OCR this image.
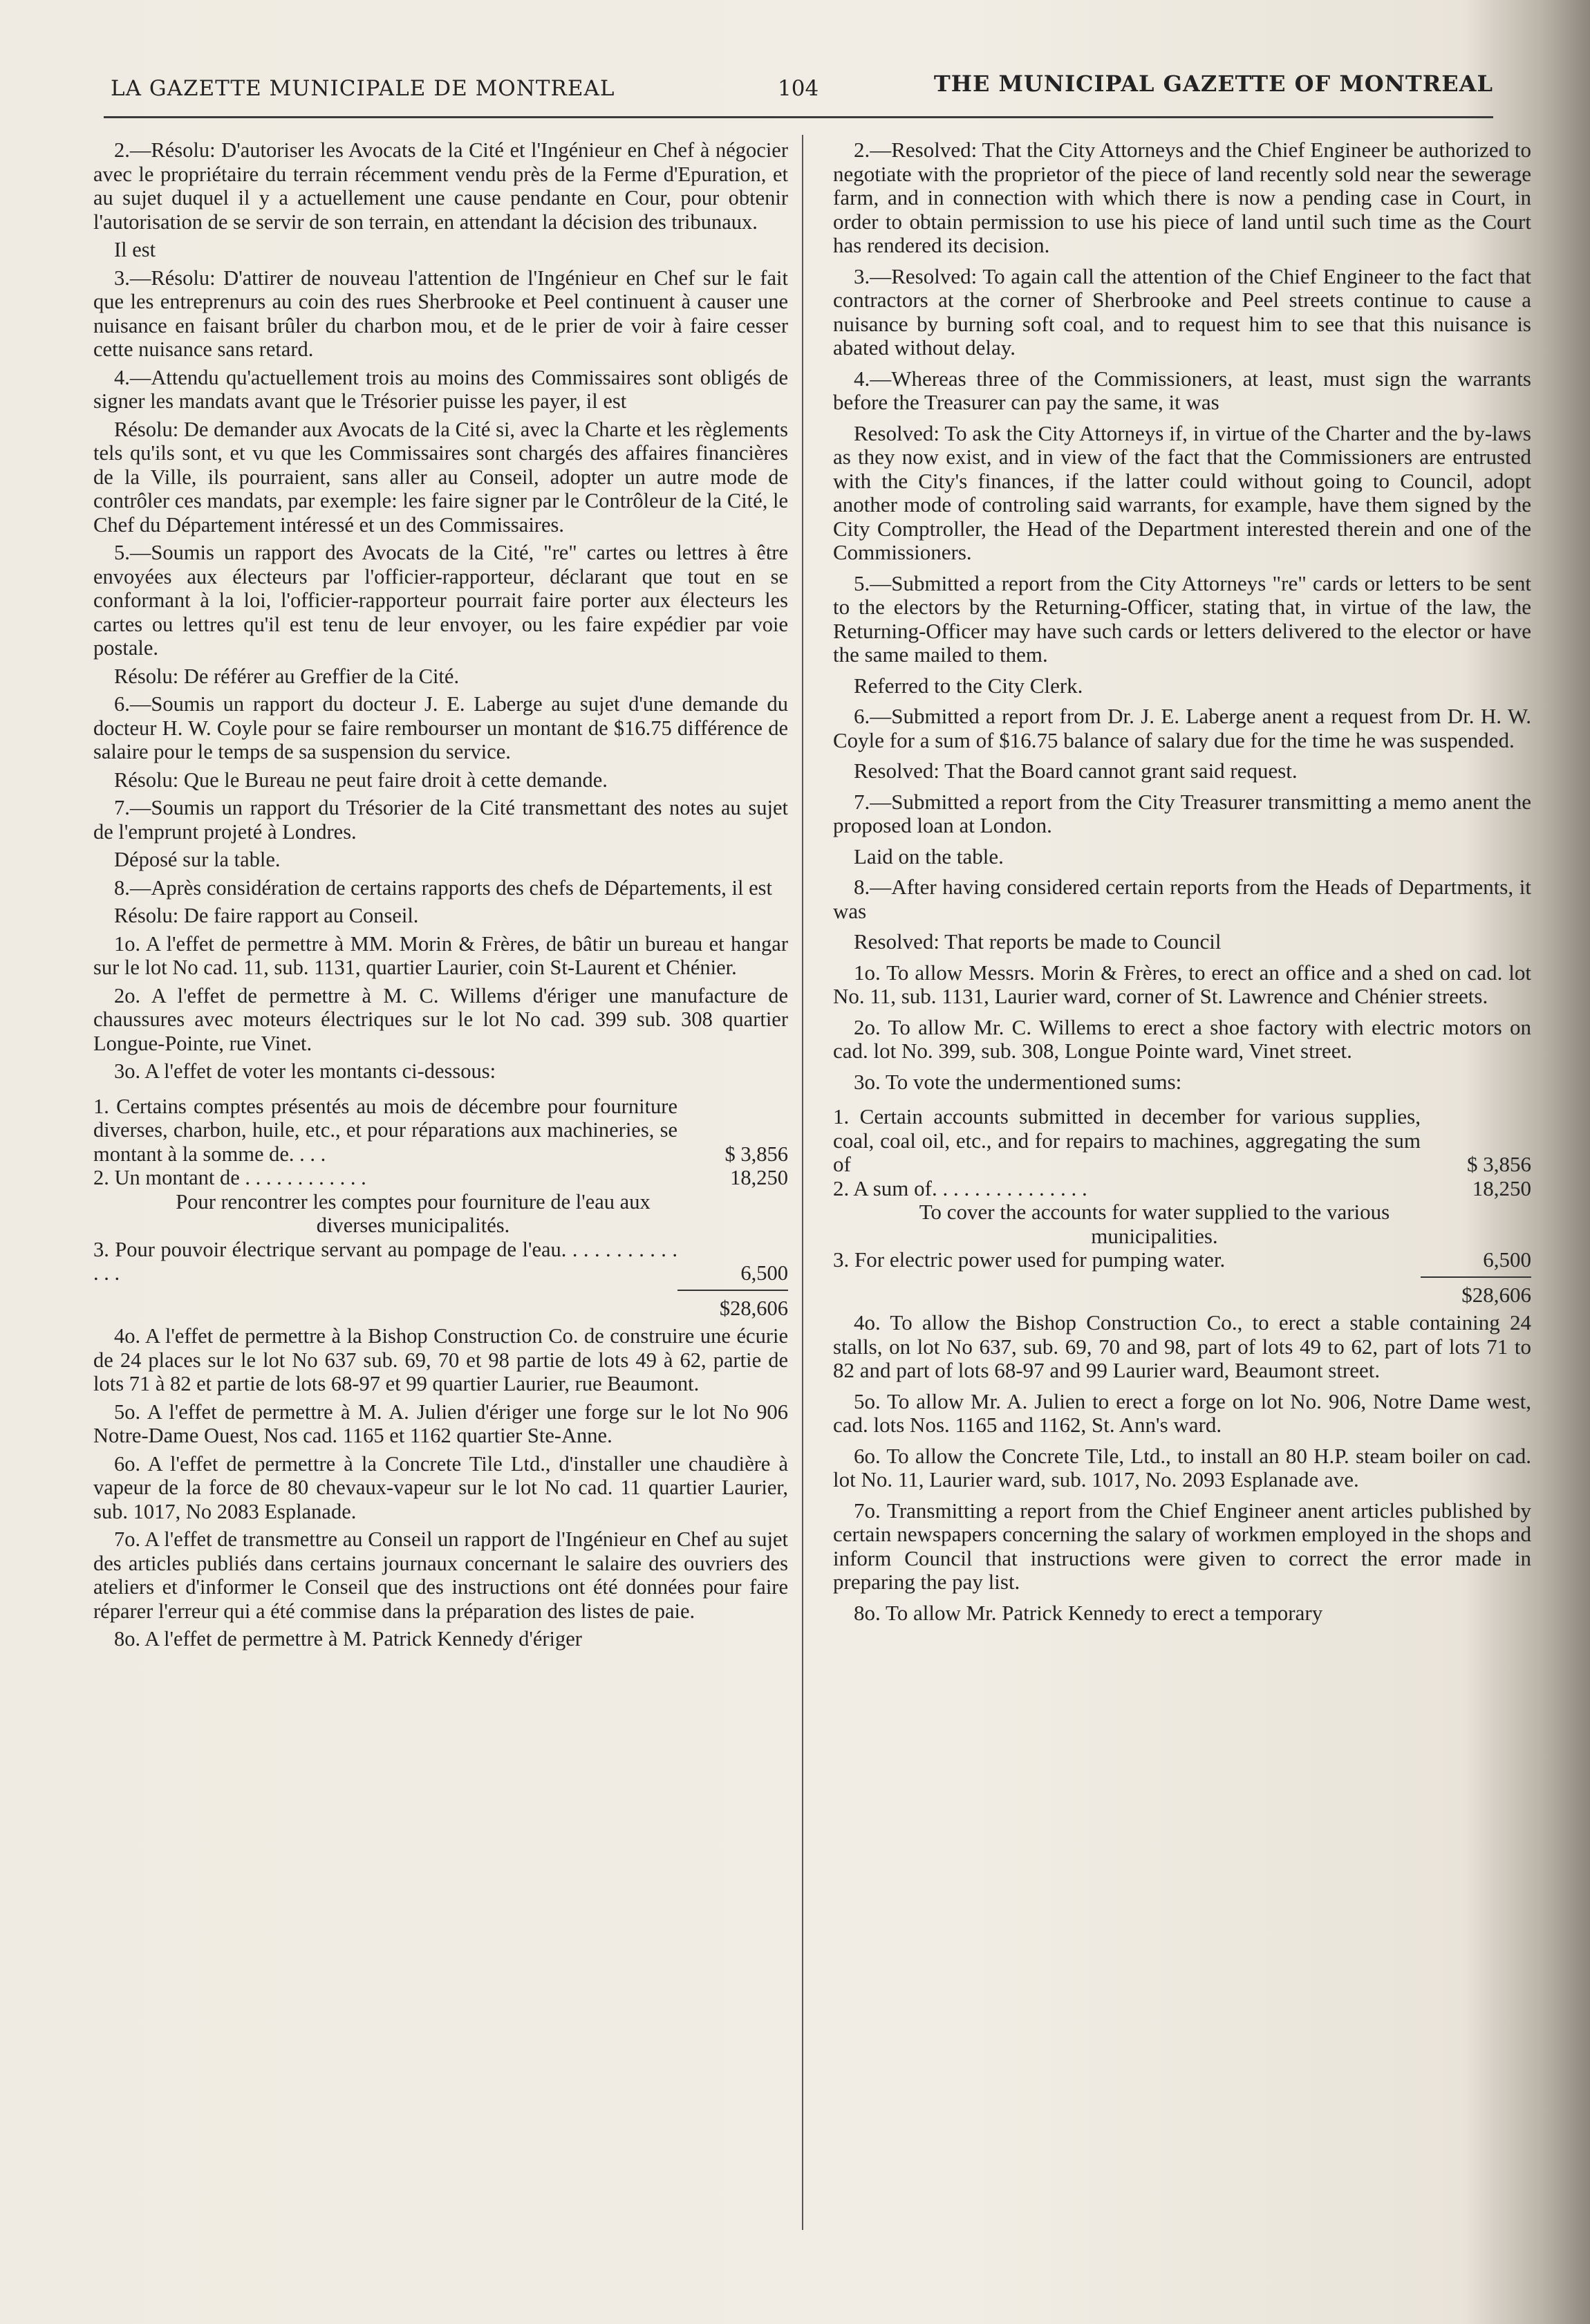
LA GAZETTE MUNICIPALE DE MONTREAL	104	THE MUNICIPAL GAZETTE OF MONTREAL

2.—Résolu: D'autoriser les Avocats de la Cité et l'Ingénieur en Chef à négocier avec le propriétaire du terrain récemment vendu près de la Ferme d'Epuration, et au sujet duquel il y a actuellement une cause pendante en Cour, pour obtenir l'autorisation de se servir de son terrain, en attendant la décision des tribunaux.

Il est

3.—Résolu: D'attirer de nouveau l'attention de l'Ingénieur en Chef sur le fait que les entreprenurs au coin des rues Sherbrooke et Peel continuent à causer une nuisance en faisant brûler du charbon mou, et de le prier de voir à faire cesser cette nuisance sans retard.

4.—Attendu qu'actuellement trois au moins des Commissaires sont obligés de signer les mandats avant que le Trésorier puisse les payer, il est

Résolu: De demander aux Avocats de la Cité si, avec la Charte et les règlements tels qu'ils sont, et vu que les Commissaires sont chargés des affaires financières de la Ville, ils pourraient, sans aller au Conseil, adopter un autre mode de contrôler ces mandats, par exemple: les faire signer par le Contrôleur de la Cité, le Chef du Département intéressé et un des Commissaires.

5.—Soumis un rapport des Avocats de la Cité, "re" cartes ou lettres à être envoyées aux électeurs par l'officier-rapporteur, déclarant que tout en se conformant à la loi, l'officier-rapporteur pourrait faire porter aux électeurs les cartes ou lettres qu'il est tenu de leur envoyer, ou les faire expédier par voie postale.

Résolu: De référer au Greffier de la Cité.

6.—Soumis un rapport du docteur J. E. Laberge au sujet d'une demande du docteur H. W. Coyle pour se faire rembourser un montant de $16.75 différence de salaire pour le temps de sa suspension du service.

Résolu: Que le Bureau ne peut faire droit à cette demande.

7.—Soumis un rapport du Trésorier de la Cité transmettant des notes au sujet de l'emprunt projeté à Londres.

Déposé sur la table.

8.—Après considération de certains rapports des chefs de Départements, il est

Résolu: De faire rapport au Conseil.

1o. A l'effet de permettre à MM. Morin & Frères, de bâtir un bureau et hangar sur le lot No cad. 11, sub. 1131, quartier Laurier, coin St-Laurent et Chénier.

2o. A l'effet de permettre à M. C. Willems d'ériger une manufacture de chaussures avec moteurs électriques sur le lot No cad. 399 sub. 308 quartier Longue-Pointe, rue Vinet.

3o. A l'effet de voter les montants ci-dessous:

1. Certains comptes présentés au mois de décembre pour fourniture diverses, charbon, huile, etc., et pour réparations aux machineries, se montant à la somme de. . . .	$ 3,856
2. Un montant de . . . . . . . . . . . .	18,250
Pour rencontrer les comptes pour fourniture de l'eau aux diverses municipalités.
3. Pour pouvoir électrique servant au pompage de l'eau. . . . . . . . . . . . . .	6,500
$28,606

4o. A l'effet de permettre à la Bishop Construction Co. de construire une écurie de 24 places sur le lot No 637 sub. 69, 70 et 98 partie de lots 49 à 62, partie de lots 71 à 82 et partie de lots 68-97 et 99 quartier Laurier, rue Beaumont.

5o. A l'effet de permettre à M. A. Julien d'ériger une forge sur le lot No 906 Notre-Dame Ouest, Nos cad. 1165 et 1162 quartier Ste-Anne.

6o. A l'effet de permettre à la Concrete Tile Ltd., d'installer une chaudière à vapeur de la force de 80 chevaux-vapeur sur le lot No cad. 11 quartier Laurier, sub. 1017, No 2083 Esplanade.

7o. A l'effet de transmettre au Conseil un rapport de l'Ingénieur en Chef au sujet des articles publiés dans certains journaux concernant le salaire des ouvriers des ateliers et d'informer le Conseil que des instructions ont été données pour faire réparer l'erreur qui a été commise dans la préparation des listes de paie.

8o. A l'effet de permettre à M. Patrick Kennedy d'ériger

2.—Resolved: That the City Attorneys and the Chief Engineer be authorized to negotiate with the proprietor of the piece of land recently sold near the sewerage farm, and in connection with which there is now a pending case in Court, in order to obtain permission to use his piece of land until such time as the Court has rendered its decision.

3.—Resolved: To again call the attention of the Chief Engineer to the fact that contractors at the corner of Sherbrooke and Peel streets continue to cause a nuisance by burning soft coal, and to request him to see that this nuisance is abated without delay.

4.—Whereas three of the Commissioners, at least, must sign the warrants before the Treasurer can pay the same, it was

Resolved: To ask the City Attorneys if, in virtue of the Charter and the by-laws as they now exist, and in view of the fact that the Commissioners are entrusted with the City's finances, if the latter could without going to Council, adopt another mode of controling said warrants, for example, have them signed by the City Comptroller, the Head of the Department interested therein and one of the Commissioners.

5.—Submitted a report from the City Attorneys "re" cards or letters to be sent to the electors by the Returning-Officer, stating that, in virtue of the law, the Returning-Officer may have such cards or letters delivered to the elector or have the same mailed to them.

Referred to the City Clerk.

6.—Submitted a report from Dr. J. E. Laberge anent a request from Dr. H. W. Coyle for a sum of $16.75 balance of salary due for the time he was suspended.

Resolved: That the Board cannot grant said request.

7.—Submitted a report from the City Treasurer transmitting a memo anent the proposed loan at London.

Laid on the table.

8.—After having considered certain reports from the Heads of Departments, it was

Resolved: That reports be made to Council

1o. To allow Messrs. Morin & Frères, to erect an office and a shed on cad. lot No. 11, sub. 1131, Laurier ward, corner of St. Lawrence and Chénier streets.

2o. To allow Mr. C. Willems to erect a shoe factory with electric motors on cad. lot No. 399, sub. 308, Longue Pointe ward, Vinet street.

3o. To vote the undermentioned sums:

1. Certain accounts submitted in december for various supplies, coal, coal oil, etc., and for repairs to machines, aggregating the sum of	$ 3,856
2. A sum of. . . . . . . . . . . . . . .	18,250
To cover the accounts for water supplied to the various municipalities.
3. For electric power used for pumping water.	6,500
$28,606

4o. To allow the Bishop Construction Co., to erect a stable containing 24 stalls, on lot No 637, sub. 69, 70 and 98, part of lots 49 to 62, part of lots 71 to 82 and part of lots 68-97 and 99 Laurier ward, Beaumont street.

5o. To allow Mr. A. Julien to erect a forge on lot No. 906, Notre Dame west, cad. lots Nos. 1165 and 1162, St. Ann's ward.

6o. To allow the Concrete Tile, Ltd., to install an 80 H.P. steam boiler on cad. lot No. 11, Laurier ward, sub. 1017, No. 2093 Esplanade ave.

7o. Transmitting a report from the Chief Engineer anent articles published by certain newspapers concerning the salary of workmen employed in the shops and inform Council that instructions were given to correct the error made in preparing the pay list.

8o. To allow Mr. Patrick Kennedy to erect a temporary
